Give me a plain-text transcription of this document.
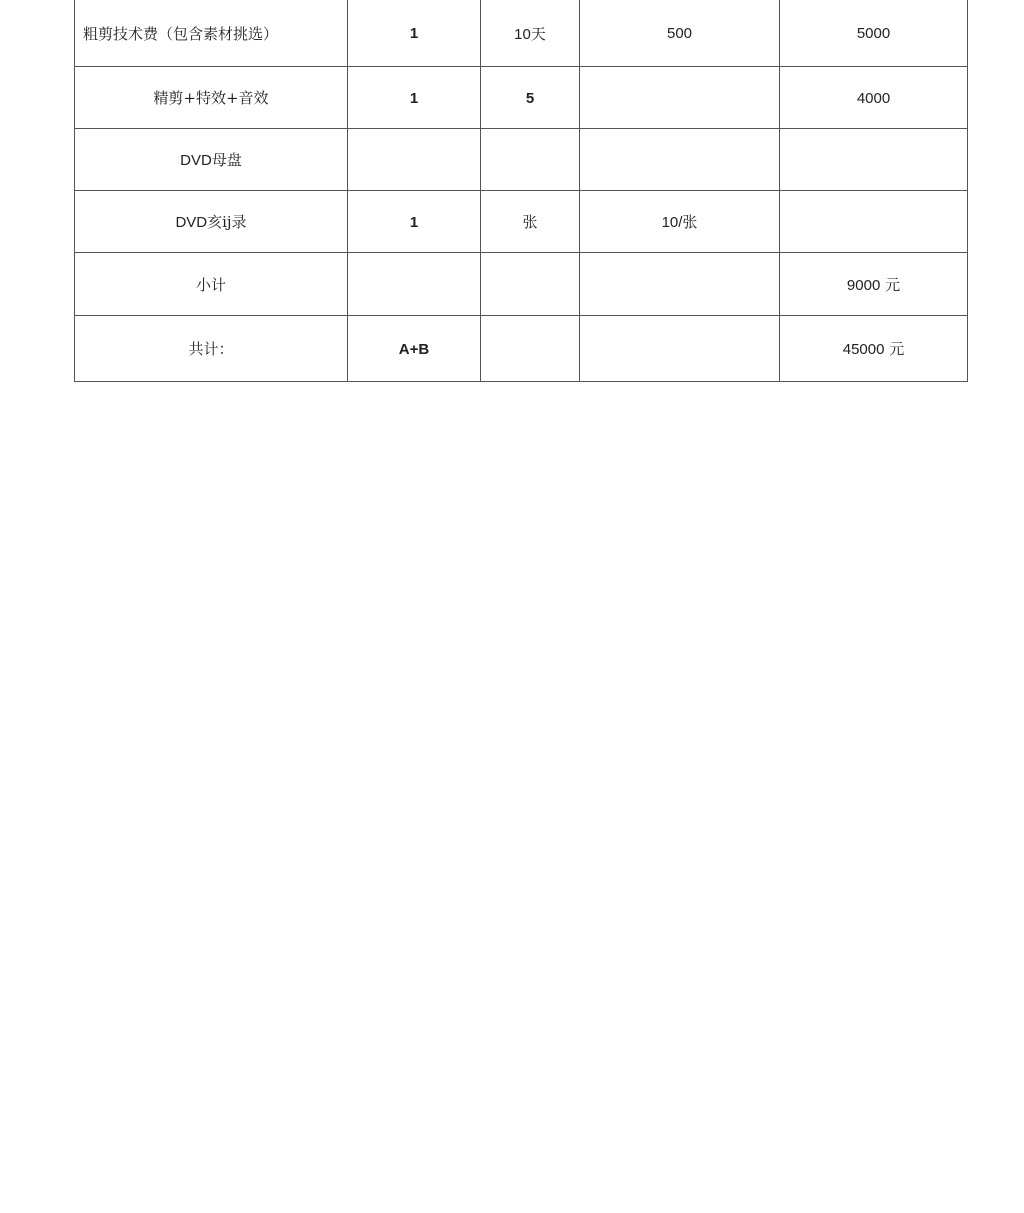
粗剪技术费（包含素材挑选）	1	10天	500	5000
精剪+特效+音效	1	5		4000
DVD母盘				
DVD亥ij录	1	张	10/张	
小计				9000 元
共计：	A+B			45000 元
